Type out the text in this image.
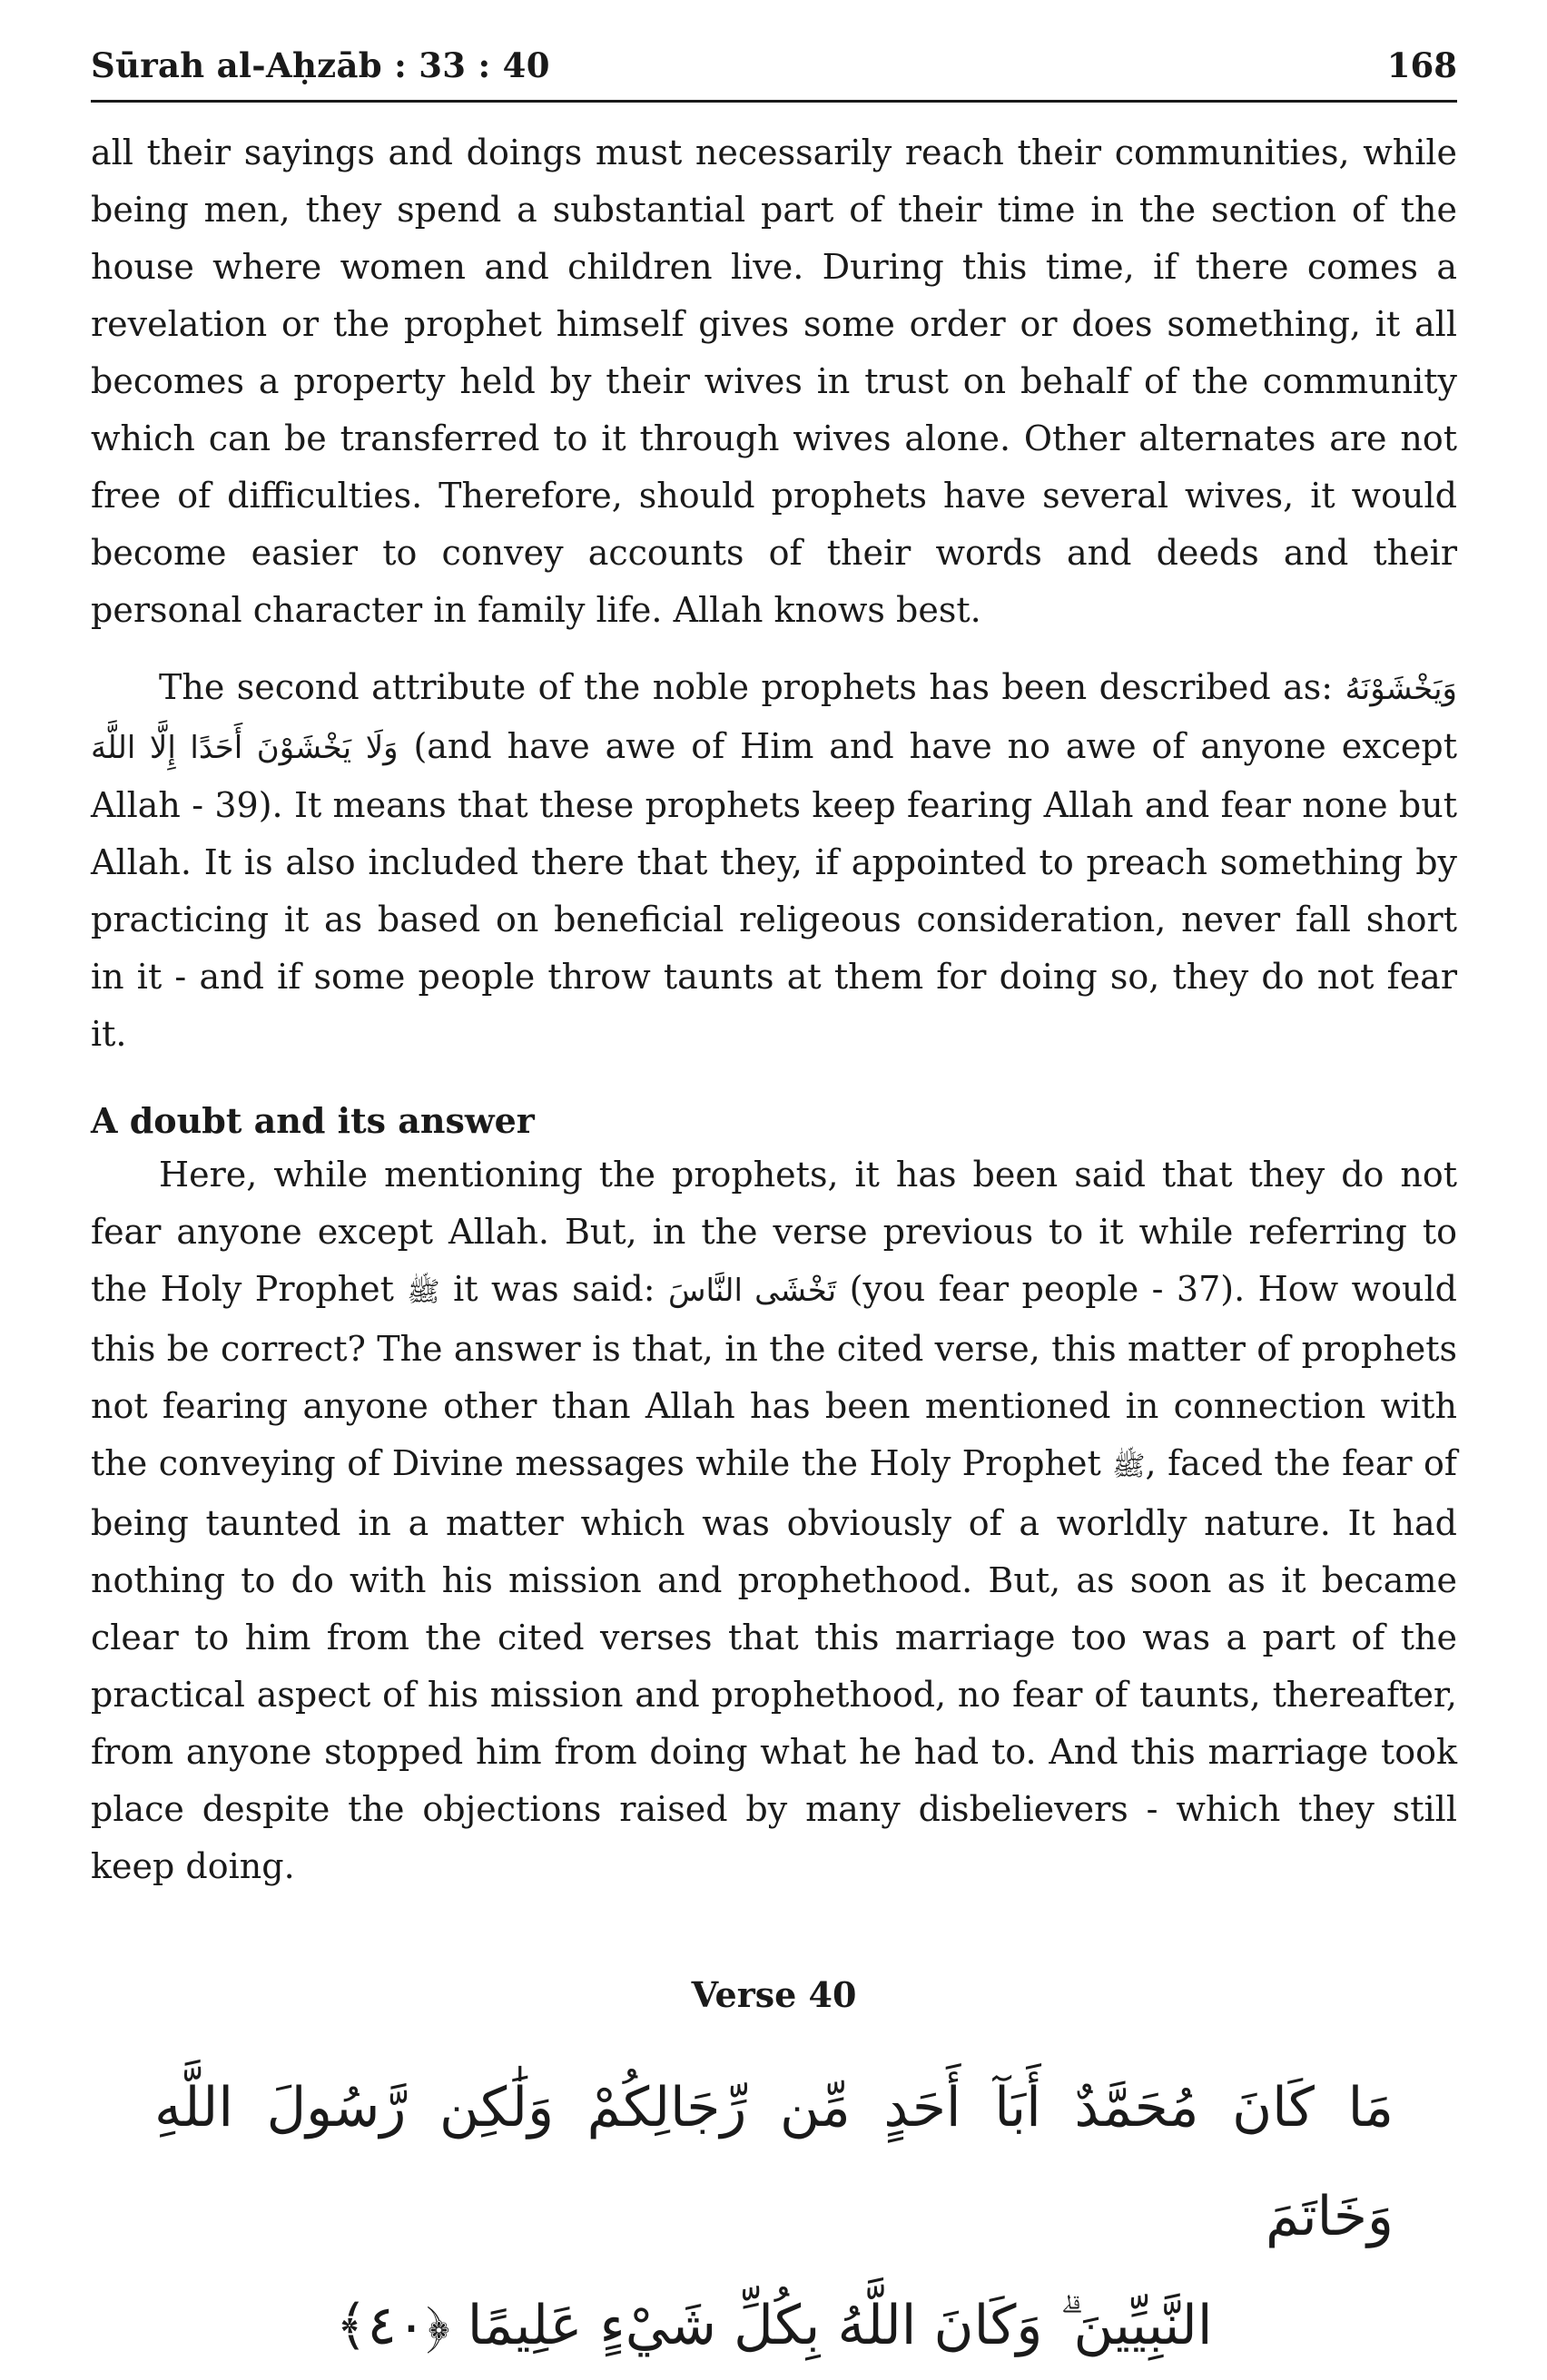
Sūrah al-Aḥzāb : 33 : 40	168

all their sayings and doings must necessarily reach their communities, while being men, they spend a substantial part of their time in the section of the house where women and children live. During this time, if there comes a revelation or the prophet himself gives some order or does something, it all becomes a property held by their wives in trust on behalf of the community which can be transferred to it through wives alone. Other alternates are not free of difficulties. Therefore, should prophets have several wives, it would become easier to convey accounts of their words and deeds and their personal character in family life. Allah knows best.

The second attribute of the noble prophets has been described as: وَيَخْشَوْنَهُ وَلَا يَخْشَوْنَ أَحَدًا إِلَّا اللَّهَ (and have awe of Him and have no awe of anyone except Allah - 39). It means that these prophets keep fearing Allah and fear none but Allah. It is also included there that they, if appointed to preach something by practicing it as based on beneficial religeous consideration, never fall short in it - and if some people throw taunts at them for doing so, they do not fear it.

A doubt and its answer

Here, while mentioning the prophets, it has been said that they do not fear anyone except Allah. But, in the verse previous to it while referring to the Holy Prophet ﷺ it was said: تَخْشَى النَّاسَ (you fear people - 37). How would this be correct? The answer is that, in the cited verse, this matter of prophets not fearing anyone other than Allah has been mentioned in connection with the conveying of Divine messages while the Holy Prophet ﷺ, faced the fear of being taunted in a matter which was obviously of a worldly nature. It had nothing to do with his mission and prophethood. But, as soon as it became clear to him from the cited verses that this marriage too was a part of the practical aspect of his mission and prophethood, no fear of taunts, thereafter, from anyone stopped him from doing what he had to. And this marriage took place despite the objections raised by many disbelievers - which they still keep doing.

Verse 40
مَا كَانَ مُحَمَّدٌ أَبَآ أَحَدٍ مِّن رِّجَالِكُمْ وَلَٰكِن رَّسُولَ اللَّهِ وَخَاتَمَ
النَّبِيِّينَ ۗ وَكَانَ اللَّهُ بِكُلِّ شَيْءٍ عَلِيمًا ﴿٤٠﴾
